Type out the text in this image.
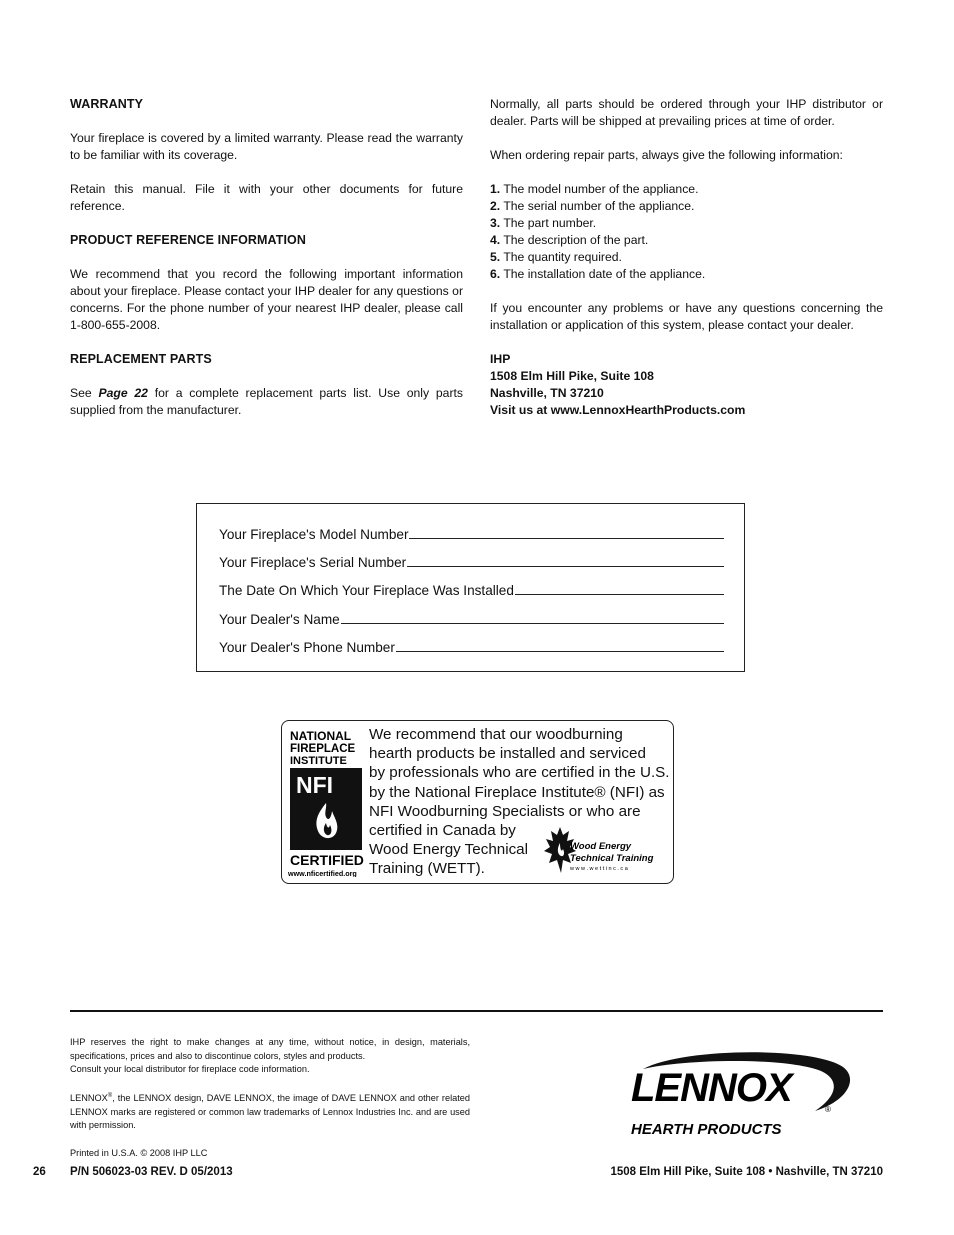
WARRANTY

Your fireplace is covered by a limited warranty. Please read the warranty to be familiar with its coverage.

Retain this manual. File it with your other documents for future reference.

PRODUCT REFERENCE INFORMATION

We recommend that you record the following important information about your fireplace. Please contact your IHP dealer for any questions or concerns. For the phone number of your nearest IHP dealer, please call 1-800-655-2008.

REPLACEMENT PARTS

See Page 22 for a complete replacement parts list. Use only parts supplied from the manufacturer.

Normally, all parts should be ordered through your IHP distributor or dealer. Parts will be shipped at prevailing prices at time of order.

When ordering repair parts, always give the following information:

1. The model number of the appliance.
2. The serial number of the appliance.
3. The part number.
4. The description of the part.
5. The quantity required.
6. The installation date of the appliance.

If you encounter any problems or have any questions concerning the installation or application of this system, please contact your dealer.

IHP
1508 Elm Hill Pike, Suite 108
Nashville, TN 37210
Visit us at www.LennoxHearthProducts.com
Your Fireplace's Model Number
Your Fireplace's Serial Number
The Date On Which Your Fireplace Was Installed
Your Dealer's Name
Your Dealer's Phone Number
NATIONAL
FIREPLACE
INSTITUTE
NFI
CERTIFIED
www.nficertified.org
We recommend that our woodburning
hearth products be installed and serviced
by professionals who are certified in the U.S.
by the National Fireplace Institute® (NFI) as
NFI Woodburning Specialists or who are
certified in Canada by
Wood Energy Technical
Training (WETT).
Wood Energy
Technical Training
w w w . w e t t i n c . c a

IHP reserves the right to make changes at any time, without notice, in design, materials, specifications, prices and also to discontinue colors, styles and products.

Consult your local distributor for fireplace code information.

LENNOX®, the LENNOX design, DAVE LENNOX, the image of DAVE LENNOX and other related LENNOX marks are registered or common law trademarks of Lennox Industries Inc. and are used with permission.

Printed in U.S.A. © 2008 IHP LLC

LENNOX	®
HEARTH PRODUCTS
26 P/N 506023-03 REV. D 05/2013	1508 Elm Hill Pike, Suite 108 • Nashville, TN 37210
